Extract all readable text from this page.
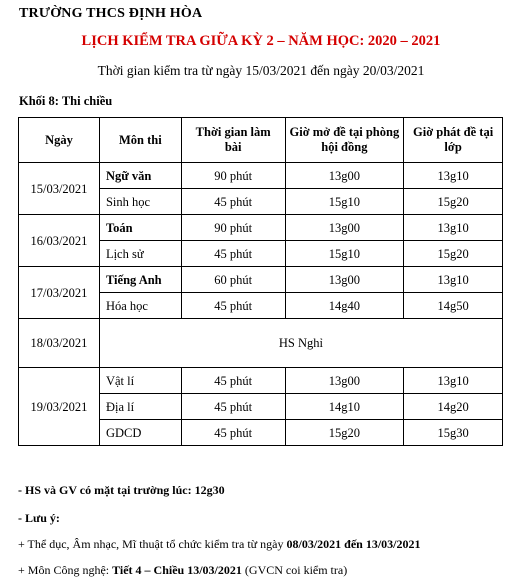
TRƯỜNG THCS ĐỊNH HÒA
LỊCH KIỂM TRA GIỮA KỲ 2 – NĂM HỌC: 2020 – 2021
Thời gian kiểm tra từ ngày 15/03/2021 đến ngày 20/03/2021
Khối 8: Thi chiều
Ngày	Môn thi	Thời gian làm bài	Giờ mở đề tại phòng hội đồng	Giờ phát đề tại lớp
15/03/2021	Ngữ văn	90 phút	13g00	13g10
	Sinh học	45 phút	15g10	15g20
16/03/2021	Toán	90 phút	13g00	13g10
	Lịch sử	45 phút	15g10	15g20
17/03/2021	Tiếng Anh	60 phút	13g00	13g10
	Hóa học	45 phút	14g40	14g50
18/03/2021	HS Nghỉ			
19/03/2021	Vật lí	45 phút	13g00	13g10
	Địa lí	45 phút	14g10	14g20
	GDCD	45 phút	15g20	15g30
- HS và GV có mặt tại trường lúc: 12g30
- Lưu ý:
+ Thể dục, Âm nhạc, Mĩ thuật tổ chức kiểm tra từ ngày 08/03/2021 đến 13/03/2021
+ Môn Công nghệ: Tiết 4 – Chiều 13/03/2021 (GVCN coi kiểm tra)
